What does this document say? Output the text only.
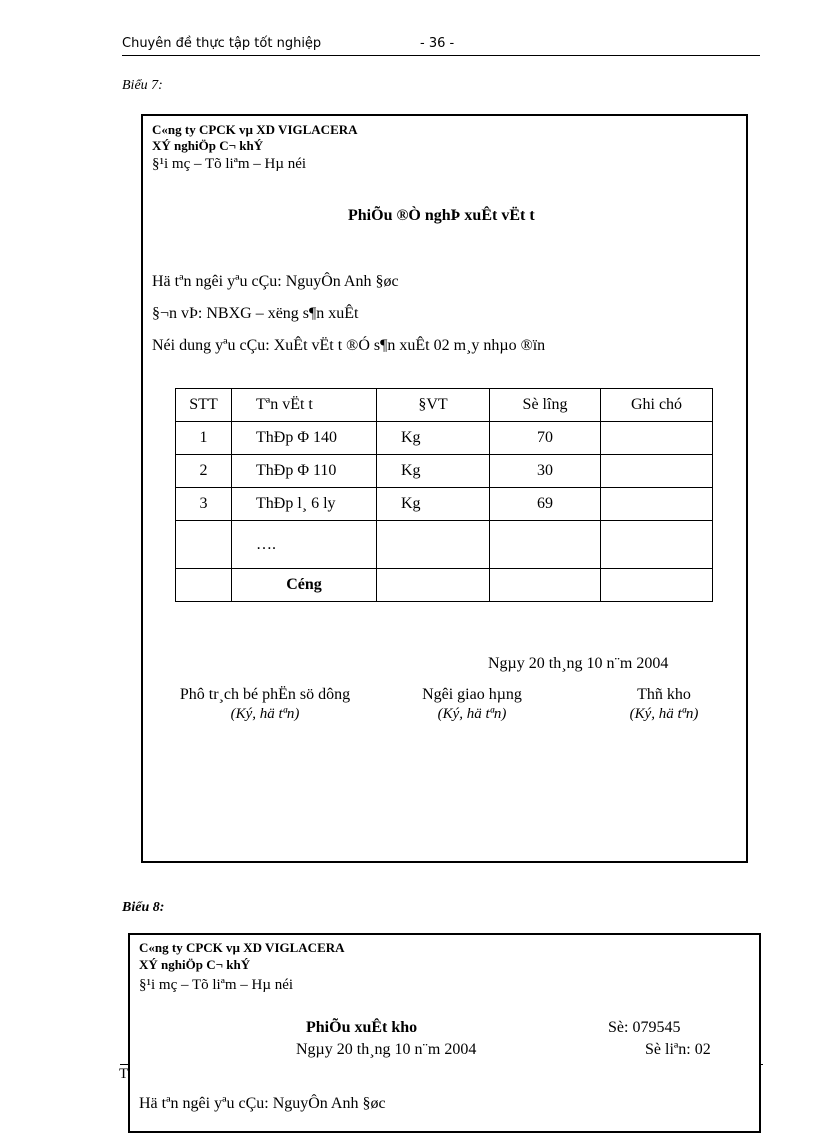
Chuyên đề thực tập tốt nghiệp	- 36 -
Biểu 7:
C«ng ty CPCK vµ XD VIGLACERA
XÝ nghiÖp C¬ khÝ
§¹i mç – Tõ liªm – Hµ néi
PhiÕu ®Ò nghÞ xuÊt vËt t
Hä tªn ngêi yªu cÇu: NguyÔn Anh §øc
§¬n vÞ: NBXG – xëng s¶n xuÊt
Néi dung yªu cÇu: XuÊt vËt t ®Ó s¶n xuÊt 02 m¸y nhµo ®ïn
STT	Tªn vËt t	§VT	Sè lîng	Ghi chó
1	ThÐp Φ 140	Kg	70	
2	ThÐp Φ 110	Kg	30	
3	ThÐp l¸ 6 ly	Kg	69	
	….			
	Céng			
Ngµy 20 th¸ng 10 n¨m 2004
Phô tr¸ch bé phËn sö dông
(Ký, hä tªn)
Ngêi giao hµng
(Ký, hä tªn)
Thñ kho
(Ký, hä tªn)
Biểu 8:
C«ng ty CPCK vµ XD VIGLACERA
XÝ nghiÖp C¬ khÝ
§¹i mç – Tõ liªm – Hµ néi
PhiÕu xuÊt kho
Ngµy 20 th¸ng 10 n¨m 2004
Sè: 079545
Sè liªn: 02
Hä tªn ngêi yªu cÇu: NguyÔn Anh §øc
T
